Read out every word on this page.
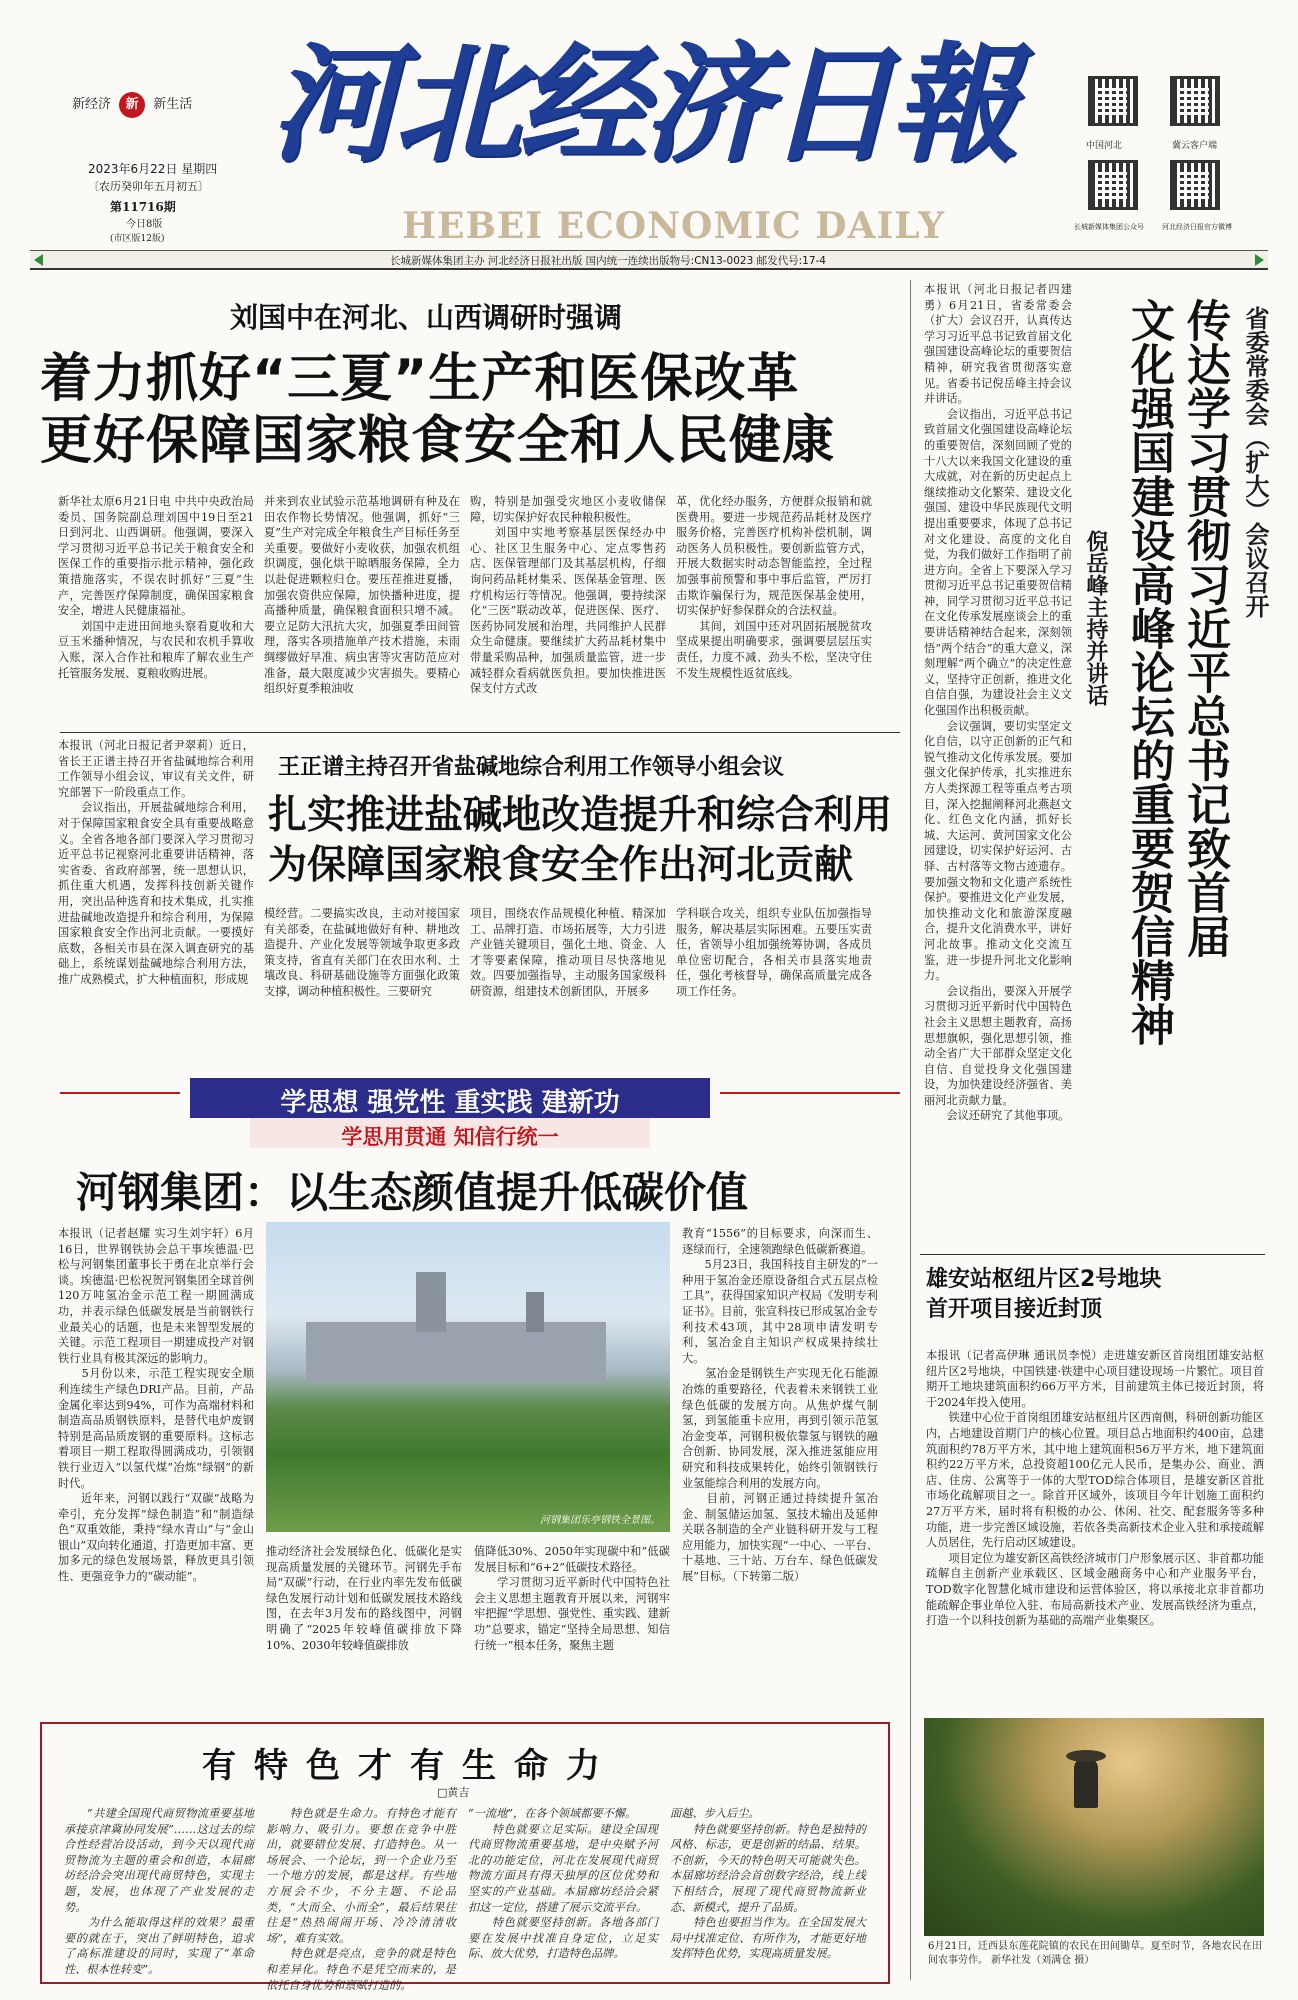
新经济 新 新生活
2023年6月22日 星期四
〔农历癸卯年五月初五〕
第11716期
今日8版
(市区版12版)
河北经济日報
HEBEI ECONOMIC DAILY
中国河北	冀云客户端
长城新媒体集团公众号	河北经济日报官方微博
长城新媒体集团主办 河北经济日报社出版 国内统一连续出版物号:CN13-0023 邮发代号:17-4
刘国中在河北、山西调研时强调
着力抓好“三夏”生产和医保改革
更好保障国家粮食安全和人民健康
新华社太原6月21日电 中共中央政治局委员、国务院副总理刘国中19日至21日到河北、山西调研。他强调，要深入学习贯彻习近平总书记关于粮食安全和医保工作的重要指示批示精神，强化政策措施落实，不误农时抓好“三夏”生产，完善医疗保障制度，确保国家粮食安全，增进人民健康福祉。
　　刘国中走进田间地头察看夏收和大豆玉米播种情况，与农民和农机手算收入账，深入合作社和粮库了解农业生产托管服务发展、夏粮收购进展。
并来到农业试验示范基地调研有种及在田农作物长势情况。他强调，抓好“三夏”生产对完成全年粮食生产目标任务至关重要。要做好小麦收获，加强农机组织调度，强化烘干晾晒服务保障，全力以赴促进颗粒归仓。要压茬推进夏播，加强农资供应保障，加快播种进度，提高播种质量，确保粮食面积只增不减。要立足防大汛抗大灾，加强夏季田间管理，落实各项措施单产技术措施，未雨绸缪做好早准、病虫害等灾害防范应对准备，最大限度减少灾害损失。要精心组织好夏季粮油收
购，特别是加强受灾地区小麦收储保障，切实保护好农民种粮积极性。
　　刘国中实地考察基层医保经办中心、社区卫生服务中心、定点零售药店、医保管理部门及其基层机构，仔细询问药品耗材集采、医保基金管理、医疗机构运行等情况。他强调，要持续深化“三医”联动改革，促进医保、医疗、医药协同发展和治理，共同维护人民群众生命健康。要继续扩大药品耗材集中带量采购品种，加强质量监管，进一步减轻群众看病就医负担。要加快推进医保支付方式改
革，优化经办服务，方便群众报销和就医费用。要进一步规范药品耗材及医疗服务价格，完善医疗机构补偿机制，调动医务人员积极性。要创新监管方式，开展大数据实时动态智能监控，全过程加强事前预警和事中事后监管，严厉打击欺诈骗保行为，规范医保基金使用，切实保护好参保群众的合法权益。
　　其间，刘国中还对巩固拓展脱贫攻坚成果提出明确要求，强调要层层压实责任，力度不减、劲头不松，坚决守住不发生规模性返贫底线。
本报讯（河北日报记者尹翠莉）近日，省长王正谱主持召开省盐碱地综合利用工作领导小组会议，审议有关文件，研究部署下一阶段重点工作。
　　会议指出，开展盐碱地综合利用，对于保障国家粮食安全具有重要战略意义。全省各地各部门要深入学习贯彻习近平总书记视察河北重要讲话精神，落实省委、省政府部署，统一思想认识，抓住重大机遇，发挥科技创新关键作用，突出品种选育和技术集成，扎实推进盐碱地改造提升和综合利用，为保障国家粮食安全作出河北贡献。一要摸好底数，各相关市县在深入调查研究的基础上，系统谋划盐碱地综合利用方法，推广成熟模式，扩大种植面积，形成规
王正谱主持召开省盐碱地综合利用工作领导小组会议
扎实推进盐碱地改造提升和综合利用
为保障国家粮食安全作出河北贡献
模经营。二要搞实改良，主动对接国家有关部委，在盐碱地做好有种、耕地改造提升、产业化发展等领域争取更多政策支持，省直有关部门在农田水利、土壤改良、科研基础设施等方面强化政策支撑，调动种植积极性。三要研究
项目，围绕农作品规模化种植、精深加工、品牌打造、市场拓展等，大力引进产业链关键项目，强化土地、资金、人才等要素保障，推动项目尽快落地见效。四要加强指导，主动服务国家级科研资源，组建技术创新团队，开展多
学科联合攻关，组织专业队伍加强指导服务，解决基层实际困难。五要压实责任，省领导小组加强统筹协调，各成员单位密切配合，各相关市县落实地责任，强化考核督导，确保高质量完成各项工作任务。
学思想 强党性 重实践 建新功
学思用贯通 知信行统一
河钢集团：以生态颜值提升低碳价值
本报讯（记者赵耀 实习生刘宇轩）6月16日，世界钢铁协会总干事埃德温·巴松与河钢集团董事长于勇在北京举行会谈。埃德温·巴松祝贺河钢集团全球首例120万吨氢冶金示范工程一期圆满成功，并表示绿色低碳发展是当前钢铁行业最关心的话题，也是未来智型发展的关键。示范工程项目一期建成投产对钢铁行业具有极其深远的影响力。
　　5月份以来，示范工程实现安全顺利连续生产绿色DRI产品。目前，产品金属化率达到94%，可作为高端材料和制造高品质钢铁原料，是替代电炉废钢特别是高品质废钢的重要原料。这标志着项目一期工程取得圆满成功，引领钢铁行业迈入“以氢代煤”冶炼“绿钢”的新时代。
　　近年来，河钢以践行“双碳”战略为牵引，充分发挥“绿色制造”和“制造绿色”双重效能，秉持“绿水青山”与“金山银山”双向转化通道，打造更加丰富、更加多元的绿色发展场景，释放更具引领性、更强竞争力的“碳动能”。
河钢集团乐亭钢铁全景图。
推动经济社会发展绿色化、低碳化是实现高质量发展的关键环节。河钢先手布局“双碳”行动，在行业内率先发布低碳绿色发展行动计划和低碳发展技术路线图，在去年3月发布的路线图中，河钢明确了“2025年较峰值碳排放下降10%、2030年较峰值碳排放
值降低30%、2050年实现碳中和”低碳发展目标和“6+2”低碳技术路径。
　　学习贯彻习近平新时代中国特色社会主义思想主题教育开展以来，河钢牢牢把握“学思想、强党性、重实践、建新功”总要求，锚定“坚持全局思想、知信行统一”根本任务，聚焦主题
教育“1556”的目标要求，向深而生、逐绿而行，全速领跑绿色低碳新赛道。
　　5月23日，我国科技自主研发的“一种用于氢冶金还原设备组合式五层点检工具”，获得国家知识产权局《发明专利证书》。目前，张宣科技已形成氢冶金专利技术43项，其中28项申请发明专利，氢冶金自主知识产权成果持续壮大。
　　氢冶金是钢铁生产实现无化石能源冶炼的重要路径，代表着未来钢铁工业绿色低碳的发展方向。从焦炉煤气制氢，到氢能重卡应用，再到引领示范氢冶金变革，河钢积极依靠氢与钢铁的融合创新、协同发展，深入推进氢能应用研究和科技成果转化，始终引领钢铁行业氢能综合利用的发展方向。
　　目前，河钢正通过持续提升氢冶金、制氢储运加氢、氢技术输出及延伸关联各制造的全产业链科研开发与工程应用能力，加快实现“一中心、一平台、十基地、三十站、万台车、绿色低碳发展”目标。（下转第二版）
有特色才有生命力
□黄吉
　　“共建全国现代商贸物流重要基地 承接京津冀协同发展”……这过去的综合性经营冶设活动，到今天以现代商贸物流为主题的重会和创造，本届廊坊经洽会突出现代商贸特色，实现主题，发展，也体现了产业发展的走势。
　　为什么能取得这样的效果？最重要的就在于，突出了鲜明特色，追求了高标准建设的同时，实现了“革命性、根本性转变”。
　　特色就是生命力。有特色才能有影响力、吸引力。要想在竞争中胜出，就要错位发展、打造特色。从一场展会、一个论坛，到一个企业乃至一个地方的发展，都是这样。有些地方展会不少，不分主题、不论品类，“大而全、小而全”，最后结果往往是“热热闹闹开场、冷冷清清收场”，难有实效。
　　特色就是亮点，竞争的就是特色和差异化。特色不是凭空而来的，是依托自身优势和禀赋打造的。
“一流地”，在各个领域都要不懈。
　　特色就要立足实际。建设全国现代商贸物流重要基地，是中央赋予河北的功能定位，河北在发展现代商贸物流方面具有得天独厚的区位优势和坚实的产业基础。本届廊坊经洽会紧扣这一定位，搭建了展示交流平台。
　　特色就要坚持创新。各地各部门要在发展中找准自身定位，立足实际、放大优势，打造特色品牌。
面越、步入后尘。
　　特色就要坚持创新。特色是独特的风格、标志，更是创新的结晶、结果。不创新，今天的特色明天可能就失色。本届廊坊经洽会首创数字经洽，线上线下相结合，展现了现代商贸物流新业态、新模式，提升了品质。
　　特色也要担当作为。在全国发展大局中找准定位、有所作为，才能更好地发挥特色优势，实现高质量发展。
本报讯（河北日报记者四建勇）6月21日，省委常委会（扩大）会议召开，认真传达学习习近平总书记致首届文化强国建设高峰论坛的重要贺信精神，研究我省贯彻落实意见。省委书记倪岳峰主持会议并讲话。
　　会议指出，习近平总书记致首届文化强国建设高峰论坛的重要贺信，深刻回顾了党的十八大以来我国文化建设的重大成就，对在新的历史起点上继续推动文化繁荣、建设文化强国、建设中华民族现代文明提出重要要求，体现了总书记对文化建设、高度的文化自觉，为我们做好工作指明了前进方向。全省上下要深入学习贯彻习近平总书记重要贺信精神，同学习贯彻习近平总书记在文化传承发展座谈会上的重要讲话精神结合起来，深刻领悟“两个结合”的重大意义，深刻理解“两个确立”的决定性意义，坚持守正创新，推进文化自信自强，为建设社会主义文化强国作出积极贡献。
　　会议强调，要切实坚定文化自信，以守正创新的正气和锐气推动文化传承发展。要加强文化保护传承，扎实推进东方人类探源工程等重点考古项目，深入挖掘阐释河北燕赵文化、红色文化内涵，抓好长城、大运河、黄河国家文化公园建设，切实保护好运河、古驿、古村落等文物古迹遗存。要加强文物和文化遗产系统性保护。要推进文化产业发展，加快推动文化和旅游深度融合，提升文化消费水平，讲好河北故事。推动文化交流互鉴，进一步提升河北文化影响力。
　　会议指出，要深入开展学习贯彻习近平新时代中国特色社会主义思想主题教育，高扬思想旗帜，强化思想引领，推动全省广大干部群众坚定文化自信、自觉投身文化强国建设，为加快建设经济强省、美丽河北贡献力量。
　　会议还研究了其他事项。
省委常委会（扩大）会议召开
传达学习贯彻习近平总书记致首届
文化强国建设高峰论坛的重要贺信精神
倪岳峰主持并讲话
雄安站枢纽片区2号地块
首开项目接近封顶
本报讯（记者高伊琳 通讯员李悦）走进雄安新区首岗组团雄安站枢纽片区2号地块，中国铁建·铁建中心项目建设现场一片繁忙。项目首期开工地块建筑面积约66万平方米，目前建筑主体已接近封顶，将于2024年投入使用。
　　铁建中心位于首岗组团雄安站枢纽片区西南侧，科研创新功能区内，占地建设首期门户的核心位置。项目总占地面积约400亩，总建筑面积约78万平方米，其中地上建筑面积56万平方米，地下建筑面积约22万平方米，总投资超100亿元人民币，是集办公、商业、酒店、住房、公寓等于一体的大型TOD综合体项目，是雄安新区首批市场化疏解项目之一。除首开区域外，该项目今年计划施工面积约27万平方米，届时将有积极的办公、休闲、社交、配套服务等多种功能，进一步完善区域设施，若依各类高新技术企业入驻和承接疏解人员居住，先行启动区域建设。
　　项目定位为雄安新区高铁经济城市门户形象展示区、非首都功能疏解自主创新产业承载区、区域金融商务中心和产业服务平台，TOD数字化智慧化城市建设和运营体验区，将以承接北京非首都功能疏解企事业单位入驻、布局高新技术产业、发展高铁经济为重点，打造一个以科技创新为基础的高端产业集聚区。
6月21日，迁西县东莲花院镇的农民在田间锄草。夏至时节，各地农民在田间农事劳作。 新华社发（刘满仓 摄）
